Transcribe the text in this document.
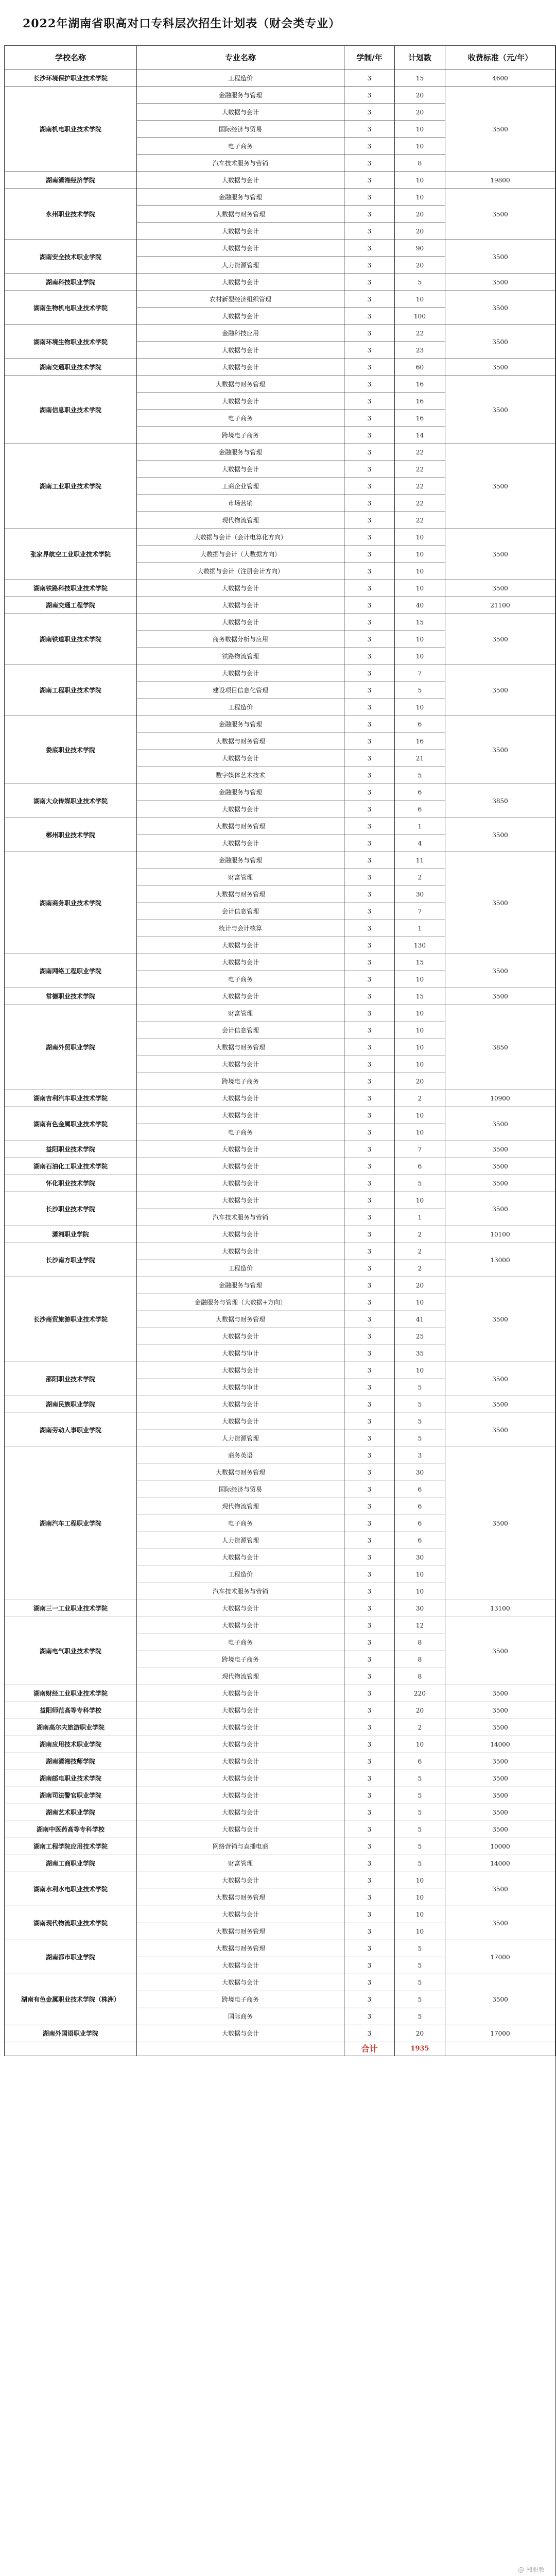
2022年湖南省职高对口专科层次招生计划表（财会类专业）
学校名称	专业名称	学制/年	计划数	收费标准（元/年）
长沙环境保护职业技术学院	工程造价	3	15	4600
湖南机电职业技术学院	金融服务与管理	3	20	3500
	大数据与会计	3	20	
	国际经济与贸易	3	10	
	电子商务	3	10	
	汽车技术服务与营销	3	8	
湖南潇湘经济学院	大数据与会计	3	10	19800
永州职业技术学院	金融服务与管理	3	10	3500
	大数据与财务管理	3	20	
	大数据与会计	3	20	
湖南安全技术职业学院	大数据与会计	3	90	3500
	人力资源管理	3	20	
湖南科技职业学院	大数据与会计	3	5	3500
湖南生物机电职业技术学院	农村新型经济组织管理	3	10	3500
	大数据与会计	3	100	
湖南环境生物职业技术学院	金融科技应用	3	22	3500
	大数据与会计	3	23	
湖南交通职业技术学院	大数据与会计	3	60	3500
湖南信息职业技术学院	大数据与财务管理	3	16	3500
	大数据与会计	3	16	
	电子商务	3	16	
	跨境电子商务	3	14	
湖南工业职业技术学院	金融服务与管理	3	22	3500
	大数据与会计	3	22	
	工商企业管理	3	22	
	市场营销	3	22	
	现代物流管理	3	22	
张家界航空工业职业技术学院	大数据与会计（会计电算化方向）	3	10	3500
	大数据与会计（大数据方向）	3	10	
	大数据与会计（注册会计方向）	3	10	
湖南铁路科技职业技术学院	大数据与会计	3	10	3500
湖南交通工程学院	大数据与会计	3	40	21100
湖南铁道职业技术学院	大数据与会计	3	15	3500
	商务数据分析与应用	3	10	
	铁路物流管理	3	10	
湖南工程职业技术学院	大数据与会计	3	7	3500
	建设项目信息化管理	3	5	
	工程造价	3	10	
娄底职业技术学院	金融服务与管理	3	6	3500
	大数据与财务管理	3	16	
	大数据与会计	3	21	
	数字媒体艺术技术	3	5	
湖南大众传媒职业技术学院	金融服务与管理	3	6	3850
	大数据与会计	3	6	
郴州职业技术学院	大数据与财务管理	3	1	3500
	大数据与会计	3	4	
湖南商务职业技术学院	金融服务与管理	3	11	3500
	财富管理	3	2	
	大数据与财务管理	3	30	
	会计信息管理	3	7	
	统计与会计核算	3	1	
	大数据与会计	3	130	
湖南网络工程职业学院	大数据与会计	3	15	3500
	电子商务	3	10	
常德职业技术学院	大数据与会计	3	15	3500
湖南外贸职业学院	财富管理	3	10	3850
	会计信息管理	3	10	
	大数据与财务管理	3	10	
	大数据与会计	3	10	
	跨境电子商务	3	20	
湖南吉利汽车职业技术学院	大数据与会计	3	2	10900
湖南有色金属职业技术学院	大数据与会计	3	10	3500
	电子商务	3	10	
益阳职业技术学院	大数据与会计	3	7	3500
湖南石油化工职业技术学院	大数据与会计	3	6	3500
怀化职业技术学院	大数据与会计	3	5	3500
长沙职业技术学院	大数据与会计	3	10	3500
	汽车技术服务与营销	3	1	
潇湘职业学院	大数据与会计	3	2	10100
长沙南方职业学院	大数据与会计	3	2	13000
	工程造价	3	2	
长沙商贸旅游职业技术学院	金融服务与管理	3	20	3500
	金融服务与管理（大数据+方向）	3	10	
	大数据与财务管理	3	41	
	大数据与会计	3	25	
	大数据与审计	3	35	
邵阳职业技术学院	大数据与会计	3	10	3500
	大数据与审计	3	5	
湖南民族职业学院	大数据与会计	3	5	3500
湖南劳动人事职业学院	大数据与会计	3	5	3500
	人力资源管理	3	5	
湖南汽车工程职业学院	商务英语	3	3	3500
	大数据与财务管理	3	30	
	国际经济与贸易	3	6	
	现代物流管理	3	6	
	电子商务	3	6	
	人力资源管理	3	6	
	大数据与会计	3	30	
	工程造价	3	10	
	汽车技术服务与营销	3	10	
湖南三一工业职业技术学院	大数据与会计	3	30	13100
湖南电气职业技术学院	大数据与会计	3	12	3500
	电子商务	3	8	
	跨境电子商务	3	8	
	现代物流管理	3	8	
湖南财经工业职业技术学院	大数据与会计	3	220	3500
益阳师范高等专科学校	大数据与会计	3	20	3500
湖南高尔夫旅游职业学院	大数据与会计	3	2	3500
湖南应用技术职业学院	大数据与会计	3	10	14000
湖南潇湘技师学院	大数据与会计	3	6	3500
湖南邮电职业技术学院	大数据与会计	3	5	3500
湖南司法警官职业学院	大数据与会计	3	5	3500
湖南艺术职业学院	大数据与会计	3	5	3500
湖南中医药高等专科学校	大数据与会计	3	5	3500
湖南工程学院应用技术学院	网络营销与直播电商	3	5	10000
湖南工商职业学院	财富管理	3	5	14000
湖南水利水电职业技术学院	大数据与会计	3	10	3500
	大数据与财务管理	3	10	
湖南现代物流职业技术学院	大数据与会计	3	10	3500
	大数据与财务管理	3	10	
湖南都市职业学院	大数据与财务管理	3	5	17000
	大数据与会计	3	5	
湖南有色金属职业技术学院（株洲）	大数据与会计	3	5	3500
	跨境电子商务	3	5	
	国际商务	3	5	
湖南外国语职业学院	大数据与会计	3	20	17000
		合计	1935	
@ 湘职教
